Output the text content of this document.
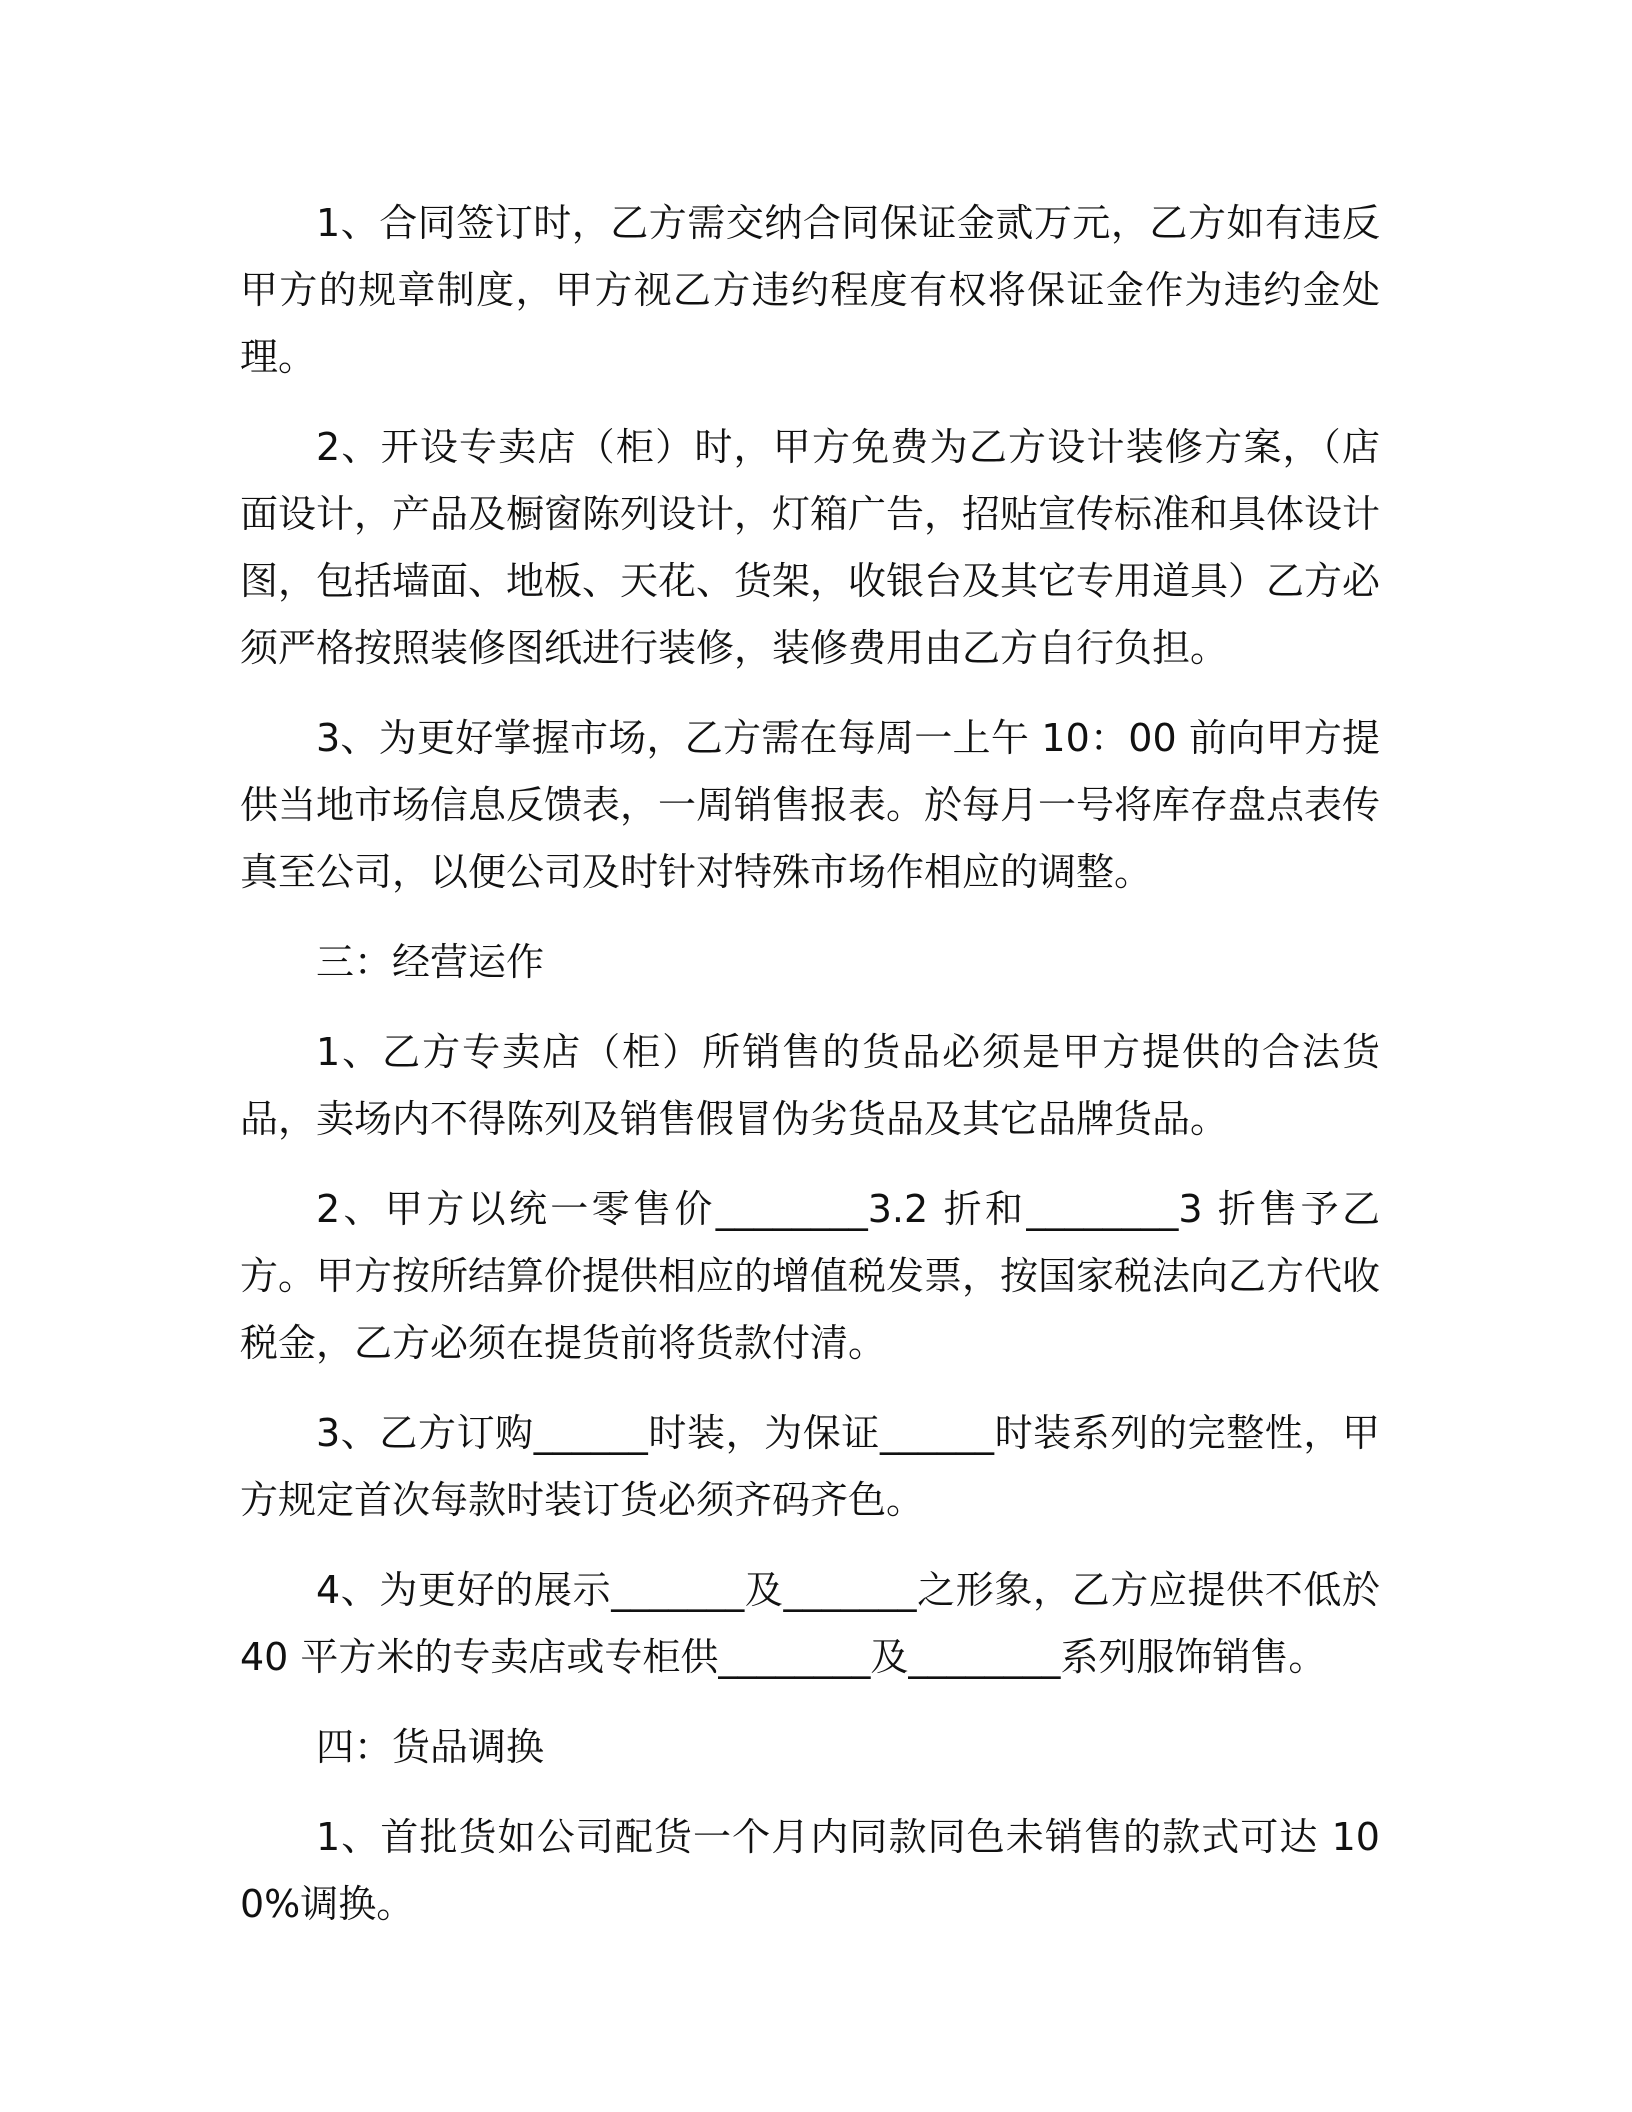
1、合同签订时，乙方需交纳合同保证金贰万元，乙方如有违反甲方的规章制度，甲方视乙方违约程度有权将保证金作为违约金处理。

2、开设专卖店（柜）时，甲方免费为乙方设计装修方案，（店面设计，产品及橱窗陈列设计，灯箱广告，招贴宣传标准和具体设计图，包括墙面、地板、天花、货架，收银台及其它专用道具）乙方必须严格按照装修图纸进行装修，装修费用由乙方自行负担。

3、为更好掌握市场，乙方需在每周一上午 10：00 前向甲方提供当地市场信息反馈表，一周销售报表。於每月一号将库存盘点表传真至公司，以便公司及时针对特殊市场作相应的调整。

三：经营运作

1、乙方专卖店（柜）所销售的货品必须是甲方提供的合法货品，卖场内不得陈列及销售假冒伪劣货品及其它品牌货品。

2、甲方以统一零售价________3.2 折和________3 折售予乙方。甲方按所结算价提供相应的增值税发票，按国家税法向乙方代收税金，乙方必须在提货前将货款付清。

3、乙方订购______时装，为保证______时装系列的完整性，甲方规定首次每款时装订货必须齐码齐色。

4、为更好的展示_______及_______之形象，乙方应提供不低於 40 平方米的专卖店或专柜供________及________系列服饰销售。

四：货品调换

1、首批货如公司配货一个月内同款同色未销售的款式可达 100%调换。
